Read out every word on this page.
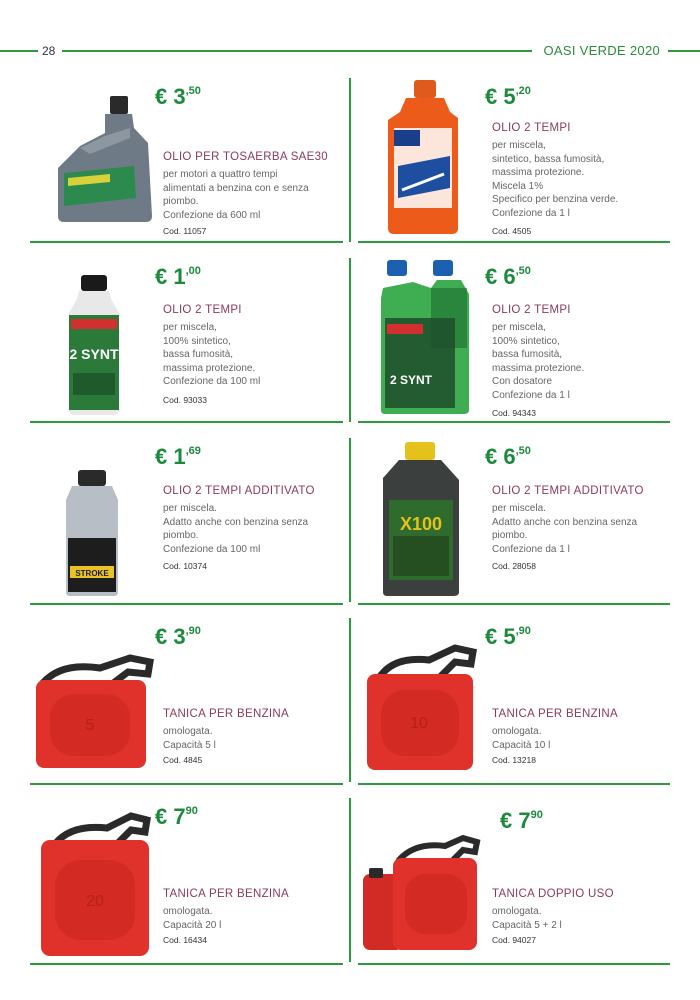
28	OASI VERDE 2020
€ $3^{,50}$
OLIO PER TOSAERBA SAE30
per motori a quattro tempi
alimentati a benzina con e senza
piombo.
Confezione da 600 ml
Cod. 11057
€ $5^{,20}$
OLIO 2 TEMPI
per miscela,
sintetico, bassa fumosità,
massima protezione.
Miscela 1%
Specifico per benzina verde.
Confezione da 1 l
Cod. 4505
2 SYNT
€ $1^{,00}$
OLIO 2 TEMPI
per miscela,
100% sintetico,
bassa fumosità,
massima protezione.
Confezione da 100 ml
Cod. 93033
2 SYNT
€ $6^{,50}$
OLIO 2 TEMPI
per miscela,
100% sintetico,
bassa fumosità,
massima protezione.
Con dosatore
Confezione da 1 l
Cod. 94343
STROKE
€ $1^{,69}$
OLIO 2 TEMPI ADDITIVATO
per miscela.
Adatto anche con benzina senza
piombo.
Confezione da 100 ml
Cod. 10374
X100
€ $6^{,50}$
OLIO 2 TEMPI ADDITIVATO
per miscela.
Adatto anche con benzina senza
piombo.
Confezione da 1 l
Cod. 28058
5
€ $3^{,90}$
TANICA PER BENZINA
omologata.
Capacità 5 l
Cod. 4845
10
€ $5^{,90}$
TANICA PER BENZINA
omologata.
Capacità 10 l
Cod. 13218
20
€ $7^{90}$
TANICA PER BENZINA
omologata.
Capacità 20 l
Cod. 16434
€ $7^{90}$
TANICA DOPPIO USO
omologata.
Capacità 5 + 2 l
Cod. 94027
